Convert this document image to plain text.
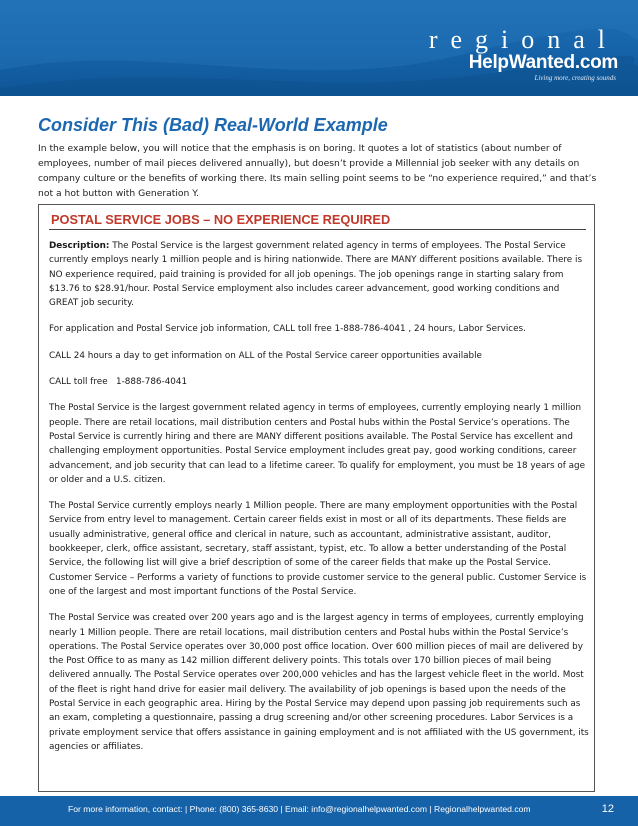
regional
HelpWanted.com
Living more, creating sounds
Consider This (Bad) Real-World Example
In the example below, you will notice that the emphasis is on boring. It quotes a lot of statistics (about number of employees, number of mail pieces delivered annually), but doesn’t provide a Millennial job seeker with any details on company culture or the benefits of working there. Its main selling point seems to be “no experience required,” and that’s not a hot button with Generation Y.
POSTAL SERVICE JOBS – NO EXPERIENCE REQUIRED

Description: The Postal Service is the largest government related agency in terms of employees. The Postal Service currently employs nearly 1 million people and is hiring nationwide. There are MANY different positions available. There is NO experience required, paid training is provided for all job openings. The job openings range in starting salary from $13.76 to $28.91/hour. Postal Service employment also includes career advancement, good working conditions and GREAT job security.

For application and Postal Service job information, CALL toll free 1-888-786-4041 , 24 hours, Labor Services.

CALL 24 hours a day to get information on ALL of the Postal Service career opportunities available

CALL toll free   1-888-786-4041

The Postal Service is the largest government related agency in terms of employees, currently employing nearly 1 million people. There are retail locations, mail distribution centers and Postal hubs within the Postal Service’s operations. The Postal Service is currently hiring and there are MANY different positions available. The Postal Service has excellent and challenging employment opportunities. Postal Service employment includes great pay, good working conditions, career advancement, and job security that can lead to a lifetime career. To qualify for employment, you must be 18 years of age or older and a U.S. citizen.

The Postal Service currently employs nearly 1 Million people. There are many employment opportunities with the Postal Service from entry level to management. Certain career fields exist in most or all of its departments. These fields are usually administrative, general office and clerical in nature, such as accountant, administrative assistant, auditor, bookkeeper, clerk, office assistant, secretary, staff assistant, typist, etc. To allow a better understanding of the Postal Service, the following list will give a brief description of some of the career fields that make up the Postal Service.

Customer Service – Performs a variety of functions to provide customer service to the general public. Customer Service is one of the largest and most important functions of the Postal Service.

The Postal Service was created over 200 years ago and is the largest agency in terms of employees, currently employing nearly 1 Million people. There are retail locations, mail distribution centers and Postal hubs within the Postal Service’s operations. The Postal Service operates over 30,000 post office location. Over 600 million pieces of mail are delivered by the Post Office to as many as 142 million different delivery points. This totals over 170 billion pieces of mail being delivered annually. The Postal Service operates over 200,000 vehicles and has the largest vehicle fleet in the world. Most of the fleet is right hand drive for easier mail delivery. The availability of job openings is based upon the needs of the Postal Service in each geographic area. Hiring by the Postal Service may depend upon passing job requirements such as an exam, completing a questionnaire, passing a drug screening and/or other screening procedures. Labor Services is a private employment service that offers assistance in gaining employment and is not affiliated with the US government, its agencies or affiliates.

For more information, contact: | Phone: (800) 365-8630 | Email: info@regionalhelpwanted.com | Regionalhelpwanted.com	12
